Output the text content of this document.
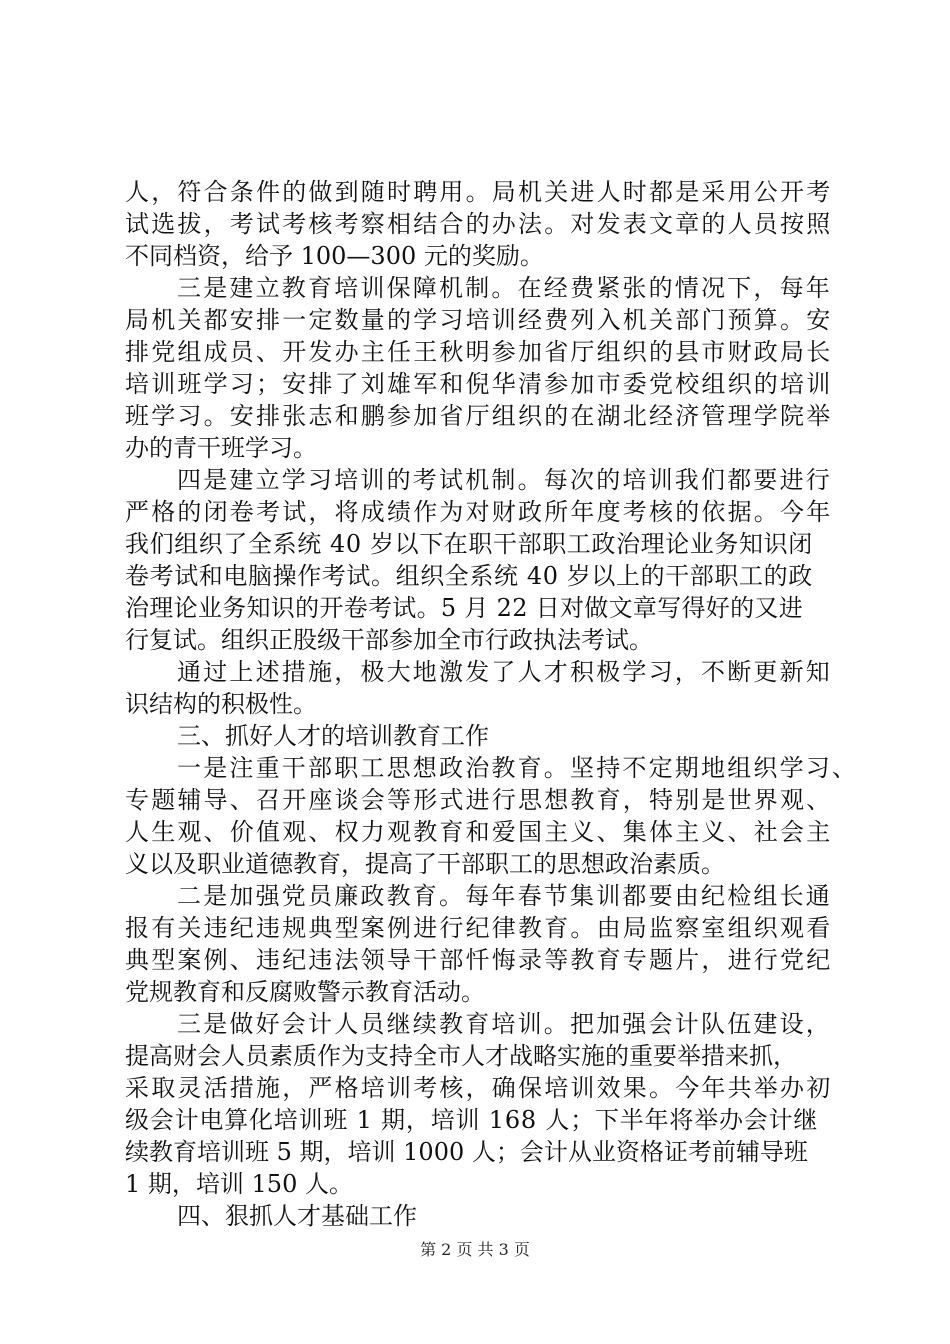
人，符合条件的做到随时聘用。局机关进人时都是采用公开考
试选拔，考试考核考察相结合的办法。对发表文章的人员按照
不同档资，给予 100—300 元的奖励。
三是建立教育培训保障机制。在经费紧张的情况下，每年
局机关都安排一定数量的学习培训经费列入机关部门预算。安
排党组成员、开发办主任王秋明参加省厅组织的县市财政局长
培训班学习；安排了刘雄军和倪华清参加市委党校组织的培训
班学习。安排张志和鹏参加省厅组织的在湖北经济管理学院举
办的青干班学习。
四是建立学习培训的考试机制。每次的培训我们都要进行
严格的闭卷考试，将成绩作为对财政所年度考核的依据。今年
我们组织了全系统 40 岁以下在职干部职工政治理论业务知识闭
卷考试和电脑操作考试。组织全系统 40 岁以上的干部职工的政
治理论业务知识的开卷考试。5 月 22 日对做文章写得好的又进
行复试。组织正股级干部参加全市行政执法考试。
通过上述措施，极大地激发了人才积极学习，不断更新知
识结构的积极性。
三、抓好人才的培训教育工作
一是注重干部职工思想政治教育。坚持不定期地组织学习、
专题辅导、召开座谈会等形式进行思想教育，特别是世界观、
人生观、价值观、权力观教育和爱国主义、集体主义、社会主
义以及职业道德教育，提高了干部职工的思想政治素质。
二是加强党员廉政教育。每年春节集训都要由纪检组长通
报有关违纪违规典型案例进行纪律教育。由局监察室组织观看
典型案例、违纪违法领导干部忏悔录等教育专题片，进行党纪
党规教育和反腐败警示教育活动。
三是做好会计人员继续教育培训。把加强会计队伍建设，
提高财会人员素质作为支持全市人才战略实施的重要举措来抓，
采取灵活措施，严格培训考核，确保培训效果。今年共举办初
级会计电算化培训班 1 期，培训 168 人；下半年将举办会计继
续教育培训班 5 期，培训 1000 人；会计从业资格证考前辅导班
1 期，培训 150 人。
四、狠抓人才基础工作
第 2 页 共 3 页
